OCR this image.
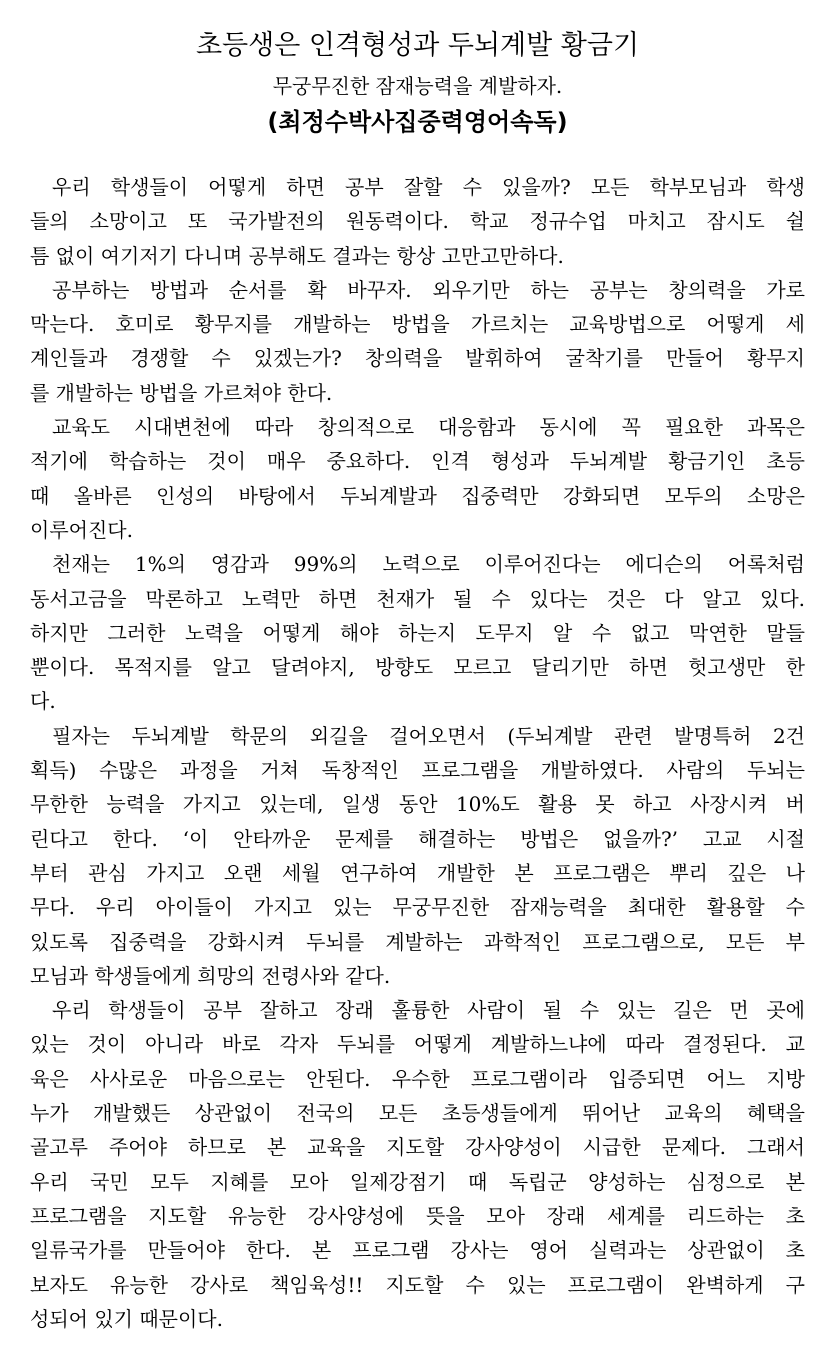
초등생은 인격형성과 두뇌계발 황금기
무궁무진한 잠재능력을 계발하자.
(최정수박사집중력영어속독)
우리 학생들이 어떻게 하면 공부 잘할 수 있을까? 모든 학부모님과 학생
들의 소망이고 또 국가발전의 원동력이다. 학교 정규수업 마치고 잠시도 쉴
틈 없이 여기저기 다니며 공부해도 결과는 항상 고만고만하다.
공부하는 방법과 순서를 확 바꾸자. 외우기만 하는 공부는 창의력을 가로
막는다. 호미로 황무지를 개발하는 방법을 가르치는 교육방법으로 어떻게 세
계인들과 경쟁할 수 있겠는가? 창의력을 발휘하여 굴착기를 만들어 황무지
를 개발하는 방법을 가르쳐야 한다.
교육도 시대변천에 따라 창의적으로 대응함과 동시에 꼭 필요한 과목은
적기에 학습하는 것이 매우 중요하다. 인격 형성과 두뇌계발 황금기인 초등
때 올바른 인성의 바탕에서 두뇌계발과 집중력만 강화되면 모두의 소망은
이루어진다.
천재는 1%의 영감과 99%의 노력으로 이루어진다는 에디슨의 어록처럼
동서고금을 막론하고 노력만 하면 천재가 될 수 있다는 것은 다 알고 있다.
하지만 그러한 노력을 어떻게 해야 하는지 도무지 알 수 없고 막연한 말들
뿐이다. 목적지를 알고 달려야지, 방향도 모르고 달리기만 하면 헛고생만 한
다.
필자는 두뇌계발 학문의 외길을 걸어오면서 (두뇌계발 관련 발명특허 2건
획득) 수많은 과정을 거쳐 독창적인 프로그램을 개발하였다. 사람의 두뇌는
무한한 능력을 가지고 있는데, 일생 동안 10%도 활용 못 하고 사장시켜 버
린다고 한다. ‘이 안타까운 문제를 해결하는 방법은 없을까?’ 고교 시절
부터 관심 가지고 오랜 세월 연구하여 개발한 본 프로그램은 뿌리 깊은 나
무다. 우리 아이들이 가지고 있는 무궁무진한 잠재능력을 최대한 활용할 수
있도록 집중력을 강화시켜 두뇌를 계발하는 과학적인 프로그램으로, 모든 부
모님과 학생들에게 희망의 전령사와 같다.
우리 학생들이 공부 잘하고 장래 훌륭한 사람이 될 수 있는 길은 먼 곳에
있는 것이 아니라 바로 각자 두뇌를 어떻게 계발하느냐에 따라 결정된다. 교
육은 사사로운 마음으로는 안된다. 우수한 프로그램이라 입증되면 어느 지방
누가 개발했든 상관없이 전국의 모든 초등생들에게 뛰어난 교육의 혜택을
골고루 주어야 하므로 본 교육을 지도할 강사양성이 시급한 문제다. 그래서
우리 국민 모두 지혜를 모아 일제강점기 때 독립군 양성하는 심정으로 본
프로그램을 지도할 유능한 강사양성에 뜻을 모아 장래 세계를 리드하는 초
일류국가를 만들어야 한다. 본 프로그램 강사는 영어 실력과는 상관없이 초
보자도 유능한 강사로 책임육성!! 지도할 수 있는 프로그램이 완벽하게 구
성되어 있기 때문이다.
